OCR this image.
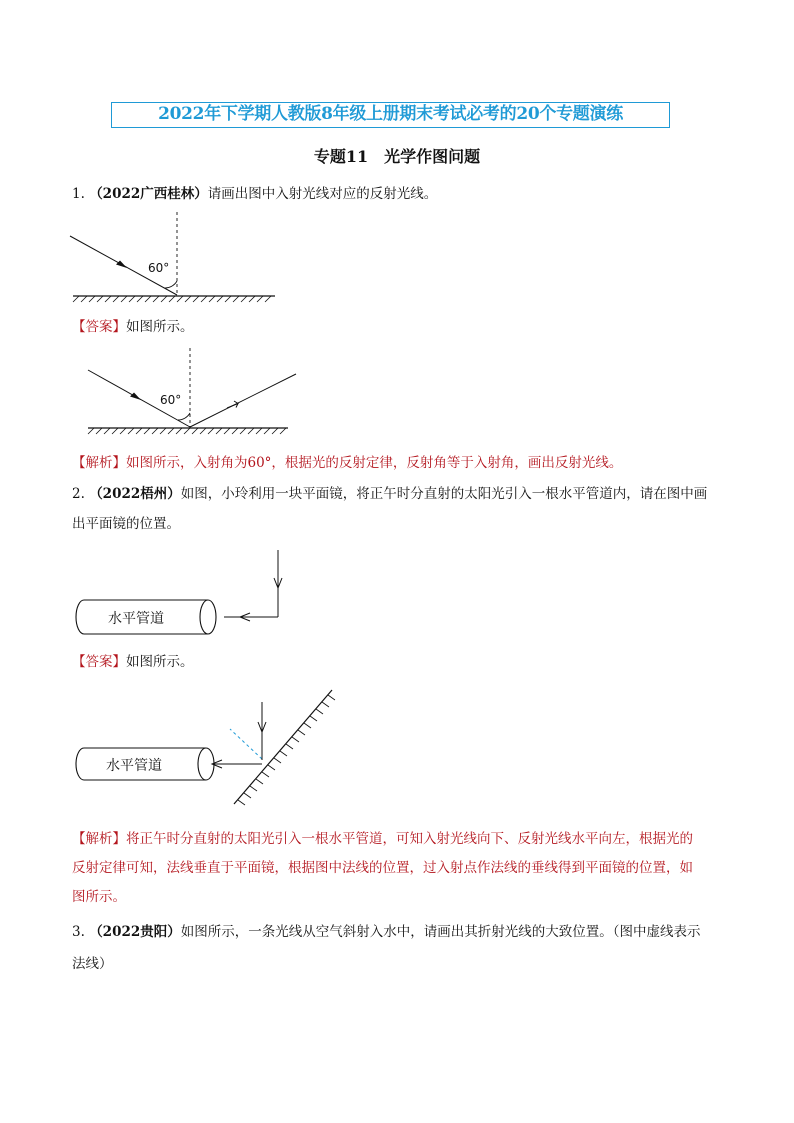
2022年下学期人教版8年级上册期末考试必考的20个专题演练
专题11 光学作图问题
1. （2022广西桂林）请画出图中入射光线对应的反射光线。
60°
【答案】如图所示。
60°
【解析】如图所示，入射角为60°，根据光的反射定律，反射角等于入射角，画出反射光线。
2. （2022梧州）如图，小玲利用一块平面镜，将正午时分直射的太阳光引入一根水平管道内，请在图中画
出平面镜的位置。
水平管道
【答案】如图所示。
水平管道
【解析】将正午时分直射的太阳光引入一根水平管道，可知入射光线向下、反射光线水平向左，根据光的
反射定律可知，法线垂直于平面镜，根据图中法线的位置，过入射点作法线的垂线得到平面镜的位置，如
图所示。
3. （2022贵阳）如图所示，一条光线从空气斜射入水中，请画出其折射光线的大致位置。（图中虚线表示
法线）
